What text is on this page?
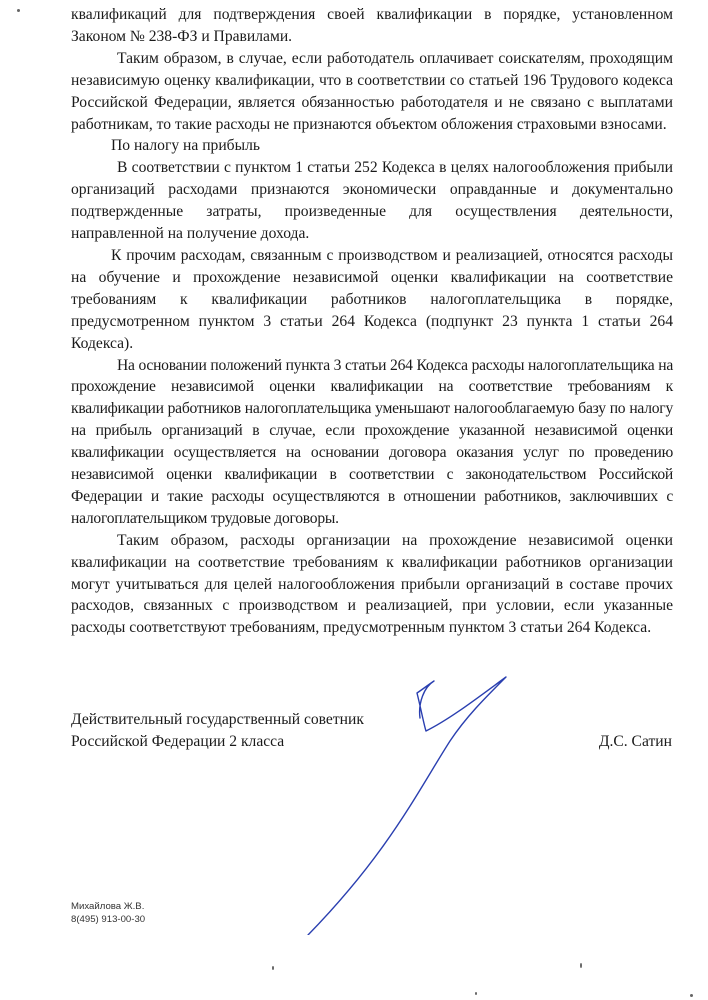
квалификаций для подтверждения своей квалификации в порядке, установленном Законом № 238-ФЗ и Правилами.

Таким образом, в случае, если работодатель оплачивает соискателям, проходящим независимую оценку квалификации, что в соответствии со статьей 196 Трудового кодекса Российской Федерации, является обязанностью работодателя и не связано с выплатами работникам, то такие расходы не признаются объектом обложения страховыми взносами.

По налогу на прибыль

В соответствии с пунктом 1 статьи 252 Кодекса в целях налогообложения прибыли организаций расходами признаются экономически оправданные и документально подтвержденные затраты, произведенные для осуществления деятельности, направленной на получение дохода.

К прочим расходам, связанным с производством и реализацией, относятся расходы на обучение и прохождение независимой оценки квалификации на соответствие требованиям к квалификации работников налогоплательщика в порядке, предусмотренном пунктом 3 статьи 264 Кодекса (подпункт 23 пункта 1 статьи 264 Кодекса).

На основании положений пункта 3 статьи 264 Кодекса расходы налогоплательщика на прохождение независимой оценки квалификации на соответствие требованиям к квалификации работников налогоплательщика уменьшают налогооблагаемую базу по налогу на прибыль организаций в случае, если прохождение указанной независимой оценки квалификации осуществляется на основании договора оказания услуг по проведению независимой оценки квалификации в соответствии с законодательством Российской Федерации и такие расходы осуществляются в отношении работников, заключивших с налогоплательщиком трудовые договоры.

Таким образом, расходы организации на прохождение независимой оценки квалификации на соответствие требованиям к квалификации работников организации могут учитываться для целей налогообложения прибыли организаций в составе прочих расходов, связанных с производством и реализацией, при условии, если указанные расходы соответствуют требованиям, предусмотренным пунктом 3 статьи 264 Кодекса.

Действительный государственный советник
Российской Федерации 2 класса	Д.С. Сатин
Михайлова Ж.В.
8(495) 913-00-30
